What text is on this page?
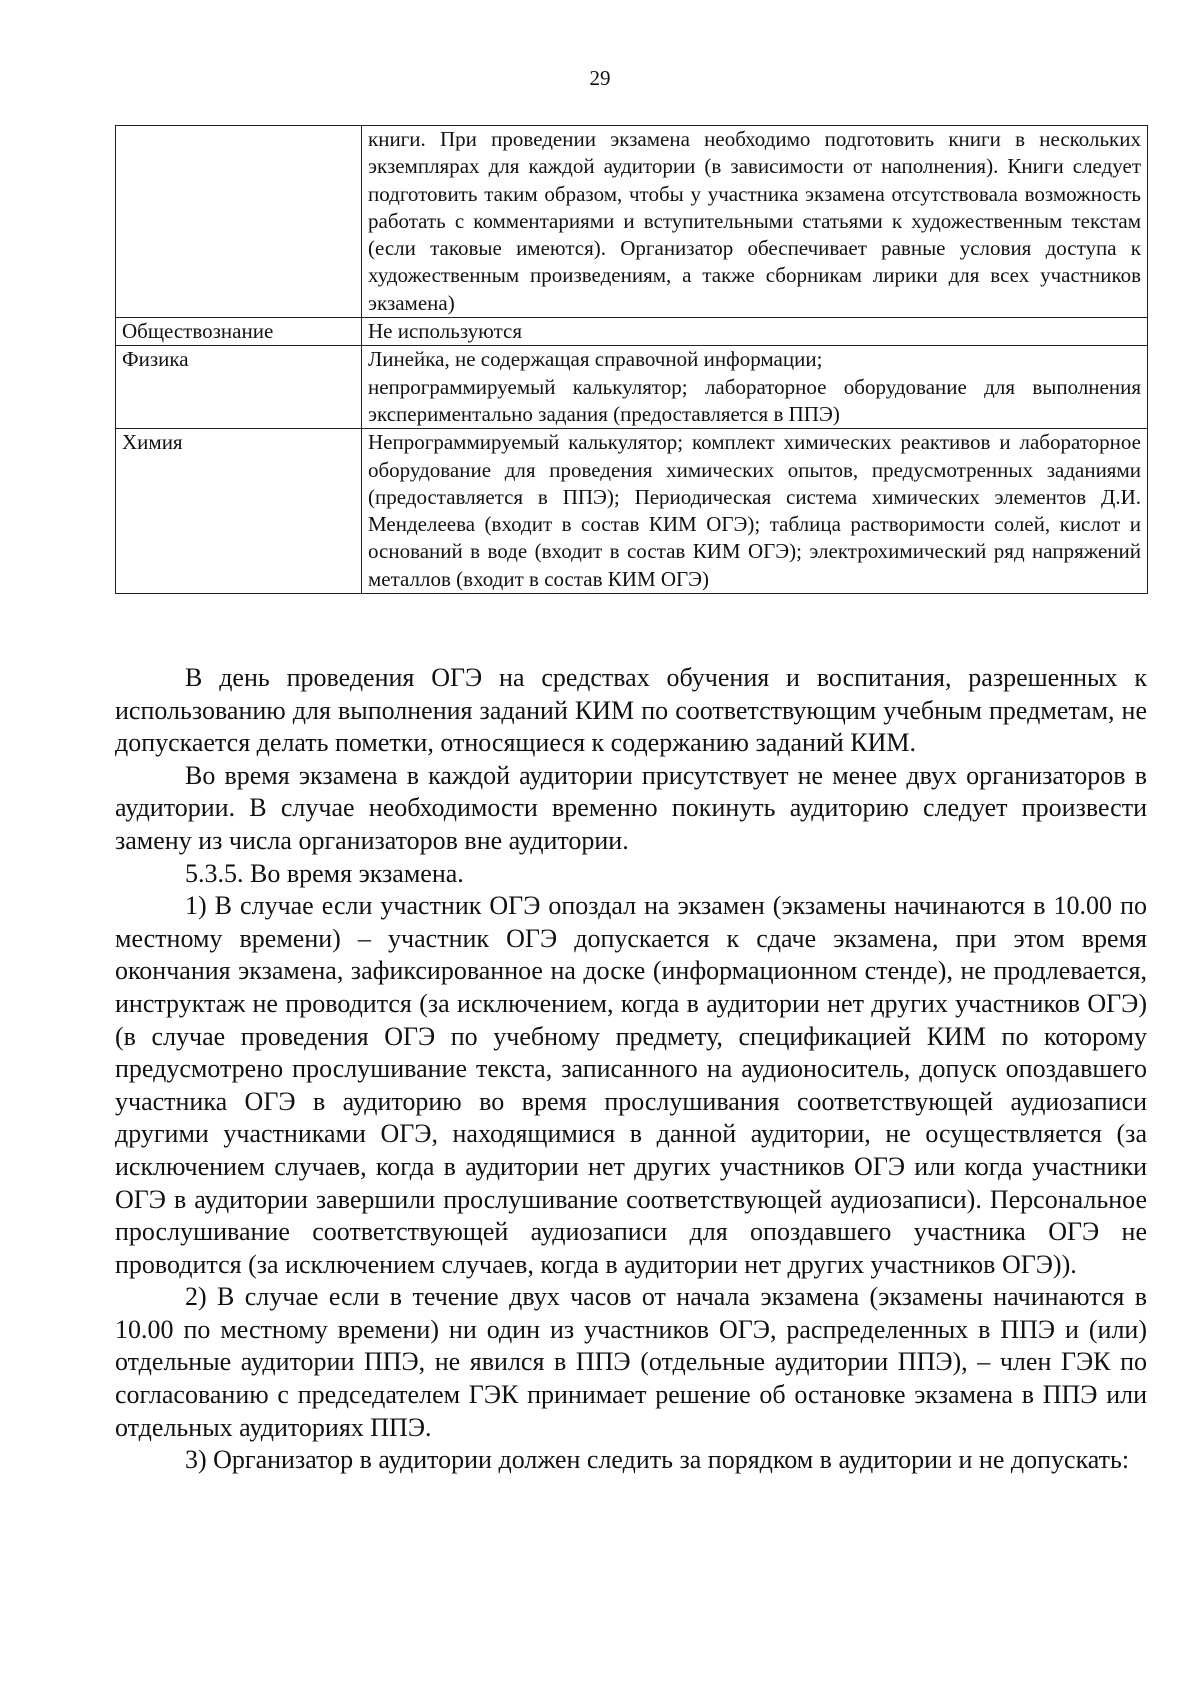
29
	книги. При проведении экзамена необходимо подготовить книги в нескольких экземплярах для каждой аудитории (в зависимости от наполнения). Книги следует подготовить таким образом, чтобы у участника экзамена отсутствовала возможность работать с комментариями и вступительными статьями к художественным текстам (если таковые имеются). Организатор обеспечивает равные условия доступа к художественным произведениям, а также сборникам лирики для всех участников экзамена)
Обществознание	Не используются
Физика	Линейка, не содержащая справочной информации;
непрограммируемый калькулятор; лабораторное оборудование для выполнения экспериментально задания (предоставляется в ППЭ)

Химия	Непрограммируемый калькулятор; комплект химических реактивов и лабораторное оборудование для проведения химических опытов, предусмотренных заданиями (предоставляется в ППЭ); Периодическая система химических элементов Д.И. Менделеева (входит в состав КИМ ОГЭ); таблица растворимости солей, кислот и оснований в воде (входит в состав КИМ ОГЭ); электрохимический ряд напряжений металлов (входит в состав КИМ ОГЭ)

В день проведения ОГЭ на средствах обучения и воспитания, разрешенных к использованию для выполнения заданий КИМ по соответствующим учебным предметам, не допускается делать пометки, относящиеся к содержанию заданий КИМ.

Во время экзамена в каждой аудитории присутствует не менее двух организаторов в аудитории. В случае необходимости временно покинуть аудиторию следует произвести замену из числа организаторов вне аудитории.

5.3.5. Во время экзамена.

1) В случае если участник ОГЭ опоздал на экзамен (экзамены начинаются в 10.00 по местному времени) – участник ОГЭ допускается к сдаче экзамена, при этом время окончания экзамена, зафиксированное на доске (информационном стенде), не продлевается, инструктаж не проводится (за исключением, когда в аудитории нет других участников ОГЭ) (в случае проведения ОГЭ по учебному предмету, спецификацией КИМ по которому предусмотрено прослушивание текста, записанного на аудионоситель, допуск опоздавшего участника ОГЭ в аудиторию во время прослушивания соответствующей аудиозаписи другими участниками ОГЭ, находящимися в данной аудитории, не осуществляется (за исключением случаев, когда в аудитории нет других участников ОГЭ или когда участники ОГЭ в аудитории завершили прослушивание соответствующей аудиозаписи). Персональное прослушивание соответствующей аудиозаписи для опоздавшего участника ОГЭ не проводится (за исключением случаев, когда в аудитории нет других участников ОГЭ)).

2) В случае если в течение двух часов от начала экзамена (экзамены начинаются в 10.00 по местному времени) ни один из участников ОГЭ, распределенных в ППЭ и (или) отдельные аудитории ППЭ, не явился в ППЭ (отдельные аудитории ППЭ), – член ГЭК по согласованию с председателем ГЭК принимает решение об остановке экзамена в ППЭ или отдельных аудиториях ППЭ.

3) Организатор в аудитории должен следить за порядком в аудитории и не допускать:
